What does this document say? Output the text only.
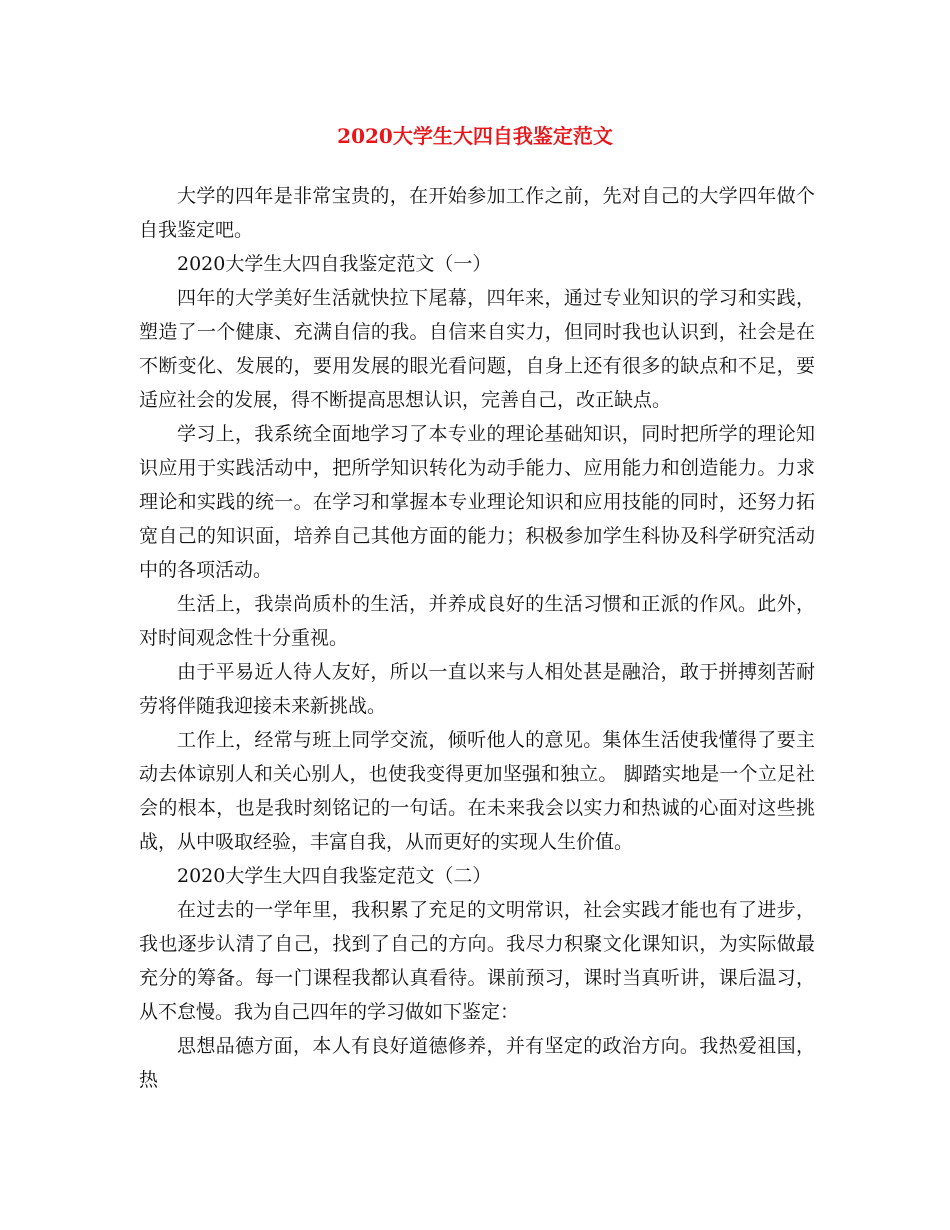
2020大学生大四自我鉴定范文

大学的四年是非常宝贵的，在开始参加工作之前，先对自己的大学四年做个自我鉴定吧。

2020大学生大四自我鉴定范文（一）

四年的大学美好生活就快拉下尾幕，四年来，通过专业知识的学习和实践，塑造了一个健康、充满自信的我。自信来自实力，但同时我也认识到，社会是在不断变化、发展的，要用发展的眼光看问题，自身上还有很多的缺点和不足，要适应社会的发展，得不断提高思想认识，完善自己，改正缺点。

学习上，我系统全面地学习了本专业的理论基础知识，同时把所学的理论知识应用于实践活动中，把所学知识转化为动手能力、应用能力和创造能力。力求理论和实践的统一。在学习和掌握本专业理论知识和应用技能的同时，还努力拓宽自己的知识面，培养自己其他方面的能力；积极参加学生科协及科学研究活动中的各项活动。

生活上，我崇尚质朴的生活，并养成良好的生活习惯和正派的作风。此外，对时间观念性十分重视。

由于平易近人待人友好，所以一直以来与人相处甚是融洽，敢于拼搏刻苦耐劳将伴随我迎接未来新挑战。

工作上，经常与班上同学交流，倾听他人的意见。集体生活使我懂得了要主动去体谅别人和关心别人，也使我变得更加坚强和独立。 脚踏实地是一个立足社会的根本，也是我时刻铭记的一句话。在未来我会以实力和热诚的心面对这些挑战，从中吸取经验，丰富自我，从而更好的实现人生价值。

2020大学生大四自我鉴定范文（二）

在过去的一学年里，我积累了充足的文明常识，社会实践才能也有了进步，我也逐步认清了自己，找到了自己的方向。我尽力积聚文化课知识，为实际做最充分的筹备。每一门课程我都认真看待。课前预习，课时当真听讲，课后温习，从不怠慢。我为自己四年的学习做如下鉴定：

思想品德方面，本人有良好道德修养，并有坚定的政治方向。我热爱祖国，热
